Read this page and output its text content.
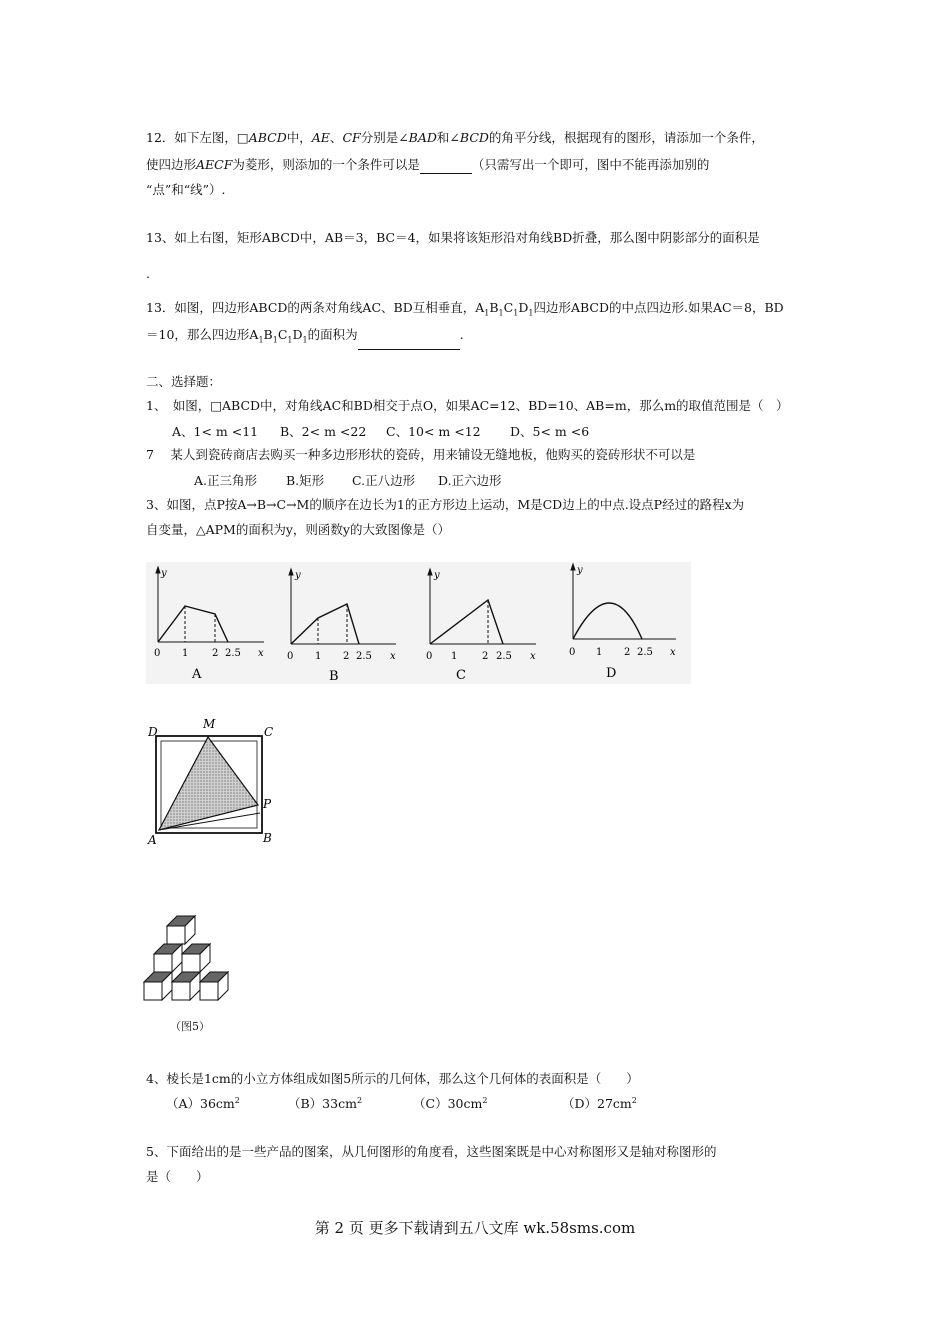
12．如下左图，□ABCD中，AE、CF分别是∠BAD和∠BCD的角平分线，根据现有的图形，请添加一个条件，
使四边形AECF为菱形，则添加的一个条件可以是	（只需写出一个即可，图中不能再添加别的
“点”和“线”）.
13、如上右图，矩形ABCD中，AB＝3，BC＝4，如果将该矩形沿对角线BD折叠，那么图中阴影部分的面积是
.
13．如图，四边形ABCD的两条对角线AC、BD互相垂直，$A_1B_1C_1D_1$四边形ABCD的中点四边形.如果AC＝8，BD
＝10，那么四边形$A_1B_1C_1D_1$的面积为	.
二、选择题：
1、　如图，□ABCD中，对角线AC和BD相交于点O，如果AC=12、BD=10、AB=m，那么m的取值范围是（　）
A、1< m <11 B、2< m <22 C、10< m <12 D、5< m <6
7　 某人到瓷砖商店去购买一种多边形形状的瓷砖，用来铺设无缝地板，他购买的瓷砖形状不可以是
A.正三角形 B.矩形 C.正八边形 D.正六边形
3、如图，点P按A→B→C→M的顺序在边长为1的正方形边上运动，M是CD边上的中点.设点P经过的路程x为
自变量，△APM的面积为y，则函数y的大致图像是（）
y
x
0 1 2 2.5
A
y
x
0 1 2 2.5
B
y
x
0 1 2 2.5
C
y
x
0 1 2 2.5
D
D
M
C
P
A	B
（图5）
4、棱长是1cm的小立方体组成如图5所示的几何体，那么这个几何体的表面积是（　　）
$(A)36cm^2$	$(B)33cm^2$	$(C)30cm^2$	$(D)27cm^2$
5、下面给出的是一些产品的图案，从几何图形的角度看，这些图案既是中心对称图形又是轴对称图形的
是（　　）
第 2 页 更多下载请到五八文库 wk.58sms.com
